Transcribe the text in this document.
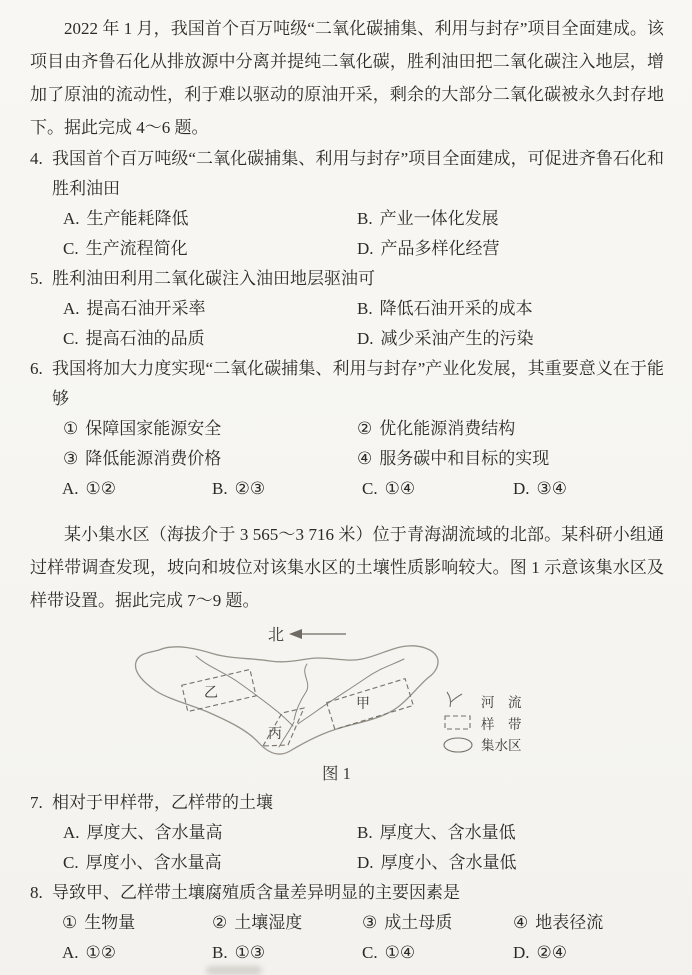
2022 年 1 月，我国首个百万吨级“二氧化碳捕集、利用与封存”项目全面建成。该项目由齐鲁石化从排放源中分离并提纯二氧化碳，胜利油田把二氧化碳注入地层，增加了原油的流动性，利于难以驱动的原油开采，剩余的大部分二氧化碳被永久封存地下。据此完成 4～6 题。

4. 我国首个百万吨级“二氧化碳捕集、利用与封存”项目全面建成，可促进齐鲁石化和胜利油田
A. 生产能耗降低	B. 产业一体化发展
C. 生产流程简化	D. 产品多样化经营
5. 胜利油田利用二氧化碳注入油田地层驱油可
A. 提高石油开采率	B. 降低石油开采的成本
C. 提高石油的品质	D. 减少采油产生的污染
6. 我国将加大力度实现“二氧化碳捕集、利用与封存”产业化发展，其重要意义在于能够
① 保障国家能源安全	② 优化能源消费结构
③ 降低能源消费价格	④ 服务碳中和目标的实现
A. ①②	B. ②③	C. ①④	D. ③④

某小集水区（海拔介于 3 565～3 716 米）位于青海湖流域的北部。某科研小组通过样带调查发现，坡向和坡位对该集水区的土壤性质影响较大。图 1 示意该集水区及样带设置。据此完成 7～9 题。

北
乙
甲
丙
河　流
样　带
集水区
图 1
7. 相对于甲样带，乙样带的土壤
A. 厚度大、含水量高	B. 厚度大、含水量低
C. 厚度小、含水量高	D. 厚度小、含水量低
8. 导致甲、乙样带土壤腐殖质含量差异明显的主要因素是
① 生物量	② 土壤湿度	③ 成土母质	④ 地表径流
A. ①②	B. ①③	C. ①④	D. ②④
